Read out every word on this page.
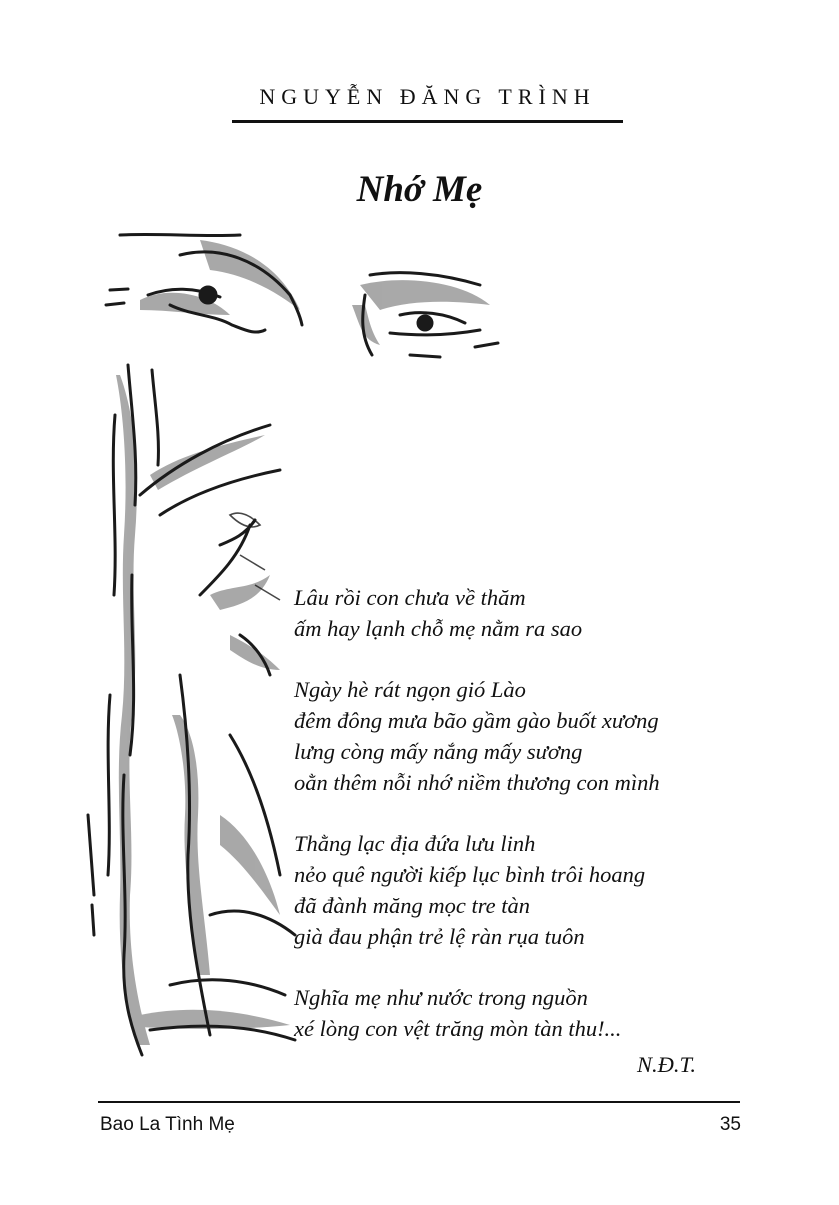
NGUYỄN ĐĂNG TRÌNH
Nhớ Mẹ
Lâu rồi con chưa về thăm
ấm hay lạnh chỗ mẹ nằm ra sao
Ngày hè rát ngọn gió Lào
đêm đông mưa bão gầm gào buốt xương
lưng còng mấy nắng mấy sương
oằn thêm nỗi nhớ niềm thương con mình
Thằng lạc địa đứa lưu linh
nẻo quê người kiếp lục bình trôi hoang
đã đành măng mọc tre tàn
già đau phận trẻ lệ ràn rụa tuôn
Nghĩa mẹ như nước trong nguồn
xé lòng con vệt trăng mòn tàn thu!...
N.Đ.T.
Bao La Tình Mẹ	35
